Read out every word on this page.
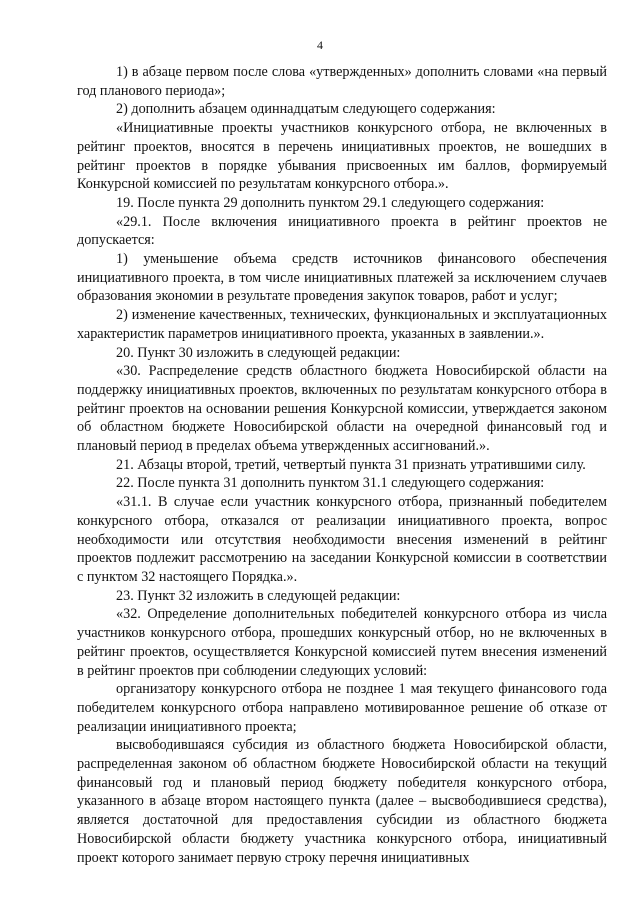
4

1) в абзаце первом после слова «утвержденных» дополнить словами «на первый год планового периода»;

2) дополнить абзацем одиннадцатым следующего содержания:

«Инициативные проекты участников конкурсного отбора, не включенных в рейтинг проектов, вносятся в перечень инициативных проектов, не вошедших в рейтинг проектов в порядке убывания присвоенных им баллов, формируемый Конкурсной комиссией по результатам конкурсного отбора.».

19. После пункта 29 дополнить пунктом 29.1 следующего содержания:

«29.1. После включения инициативного проекта в рейтинг проектов не допускается:

1) уменьшение объема средств источников финансового обеспечения инициативного проекта, в том числе инициативных платежей за исключением случаев образования экономии в результате проведения закупок товаров, работ и услуг;

2) изменение качественных, технических, функциональных и эксплуатационных характеристик параметров инициативного проекта, указанных в заявлении.».

20. Пункт 30 изложить в следующей редакции:

«30. Распределение средств областного бюджета Новосибирской области на поддержку инициативных проектов, включенных по результатам конкурсного отбора в рейтинг проектов на основании решения Конкурсной комиссии, утверждается законом об областном бюджете Новосибирской области на очередной финансовый год и плановый период в пределах объема утвержденных ассигнований.».

21. Абзацы второй, третий, четвертый пункта 31 признать утратившими силу.

22. После пункта 31 дополнить пунктом 31.1 следующего содержания:

«31.1. В случае если участник конкурсного отбора, признанный победителем конкурсного отбора, отказался от реализации инициативного проекта, вопрос необходимости или отсутствия необходимости внесения изменений в рейтинг проектов подлежит рассмотрению на заседании Конкурсной комиссии в соответствии с пунктом 32 настоящего Порядка.».

23. Пункт 32 изложить в следующей редакции:

«32. Определение дополнительных победителей конкурсного отбора из числа участников конкурсного отбора, прошедших конкурсный отбор, но не включенных в рейтинг проектов, осуществляется Конкурсной комиссией путем внесения изменений в рейтинг проектов при соблюдении следующих условий:

организатору конкурсного отбора не позднее 1 мая текущего финансового года победителем конкурсного отбора направлено мотивированное решение об отказе от реализации инициативного проекта;

высвободившаяся субсидия из областного бюджета Новосибирской области, распределенная законом об областном бюджете Новосибирской области на текущий финансовый год и плановый период бюджету победителя конкурсного отбора, указанного в абзаце втором настоящего пункта (далее – высвободившиеся средства), является достаточной для предоставления субсидии из областного бюджета Новосибирской области бюджету участника конкурсного отбора, инициативный проект которого занимает первую строку перечня инициативных
